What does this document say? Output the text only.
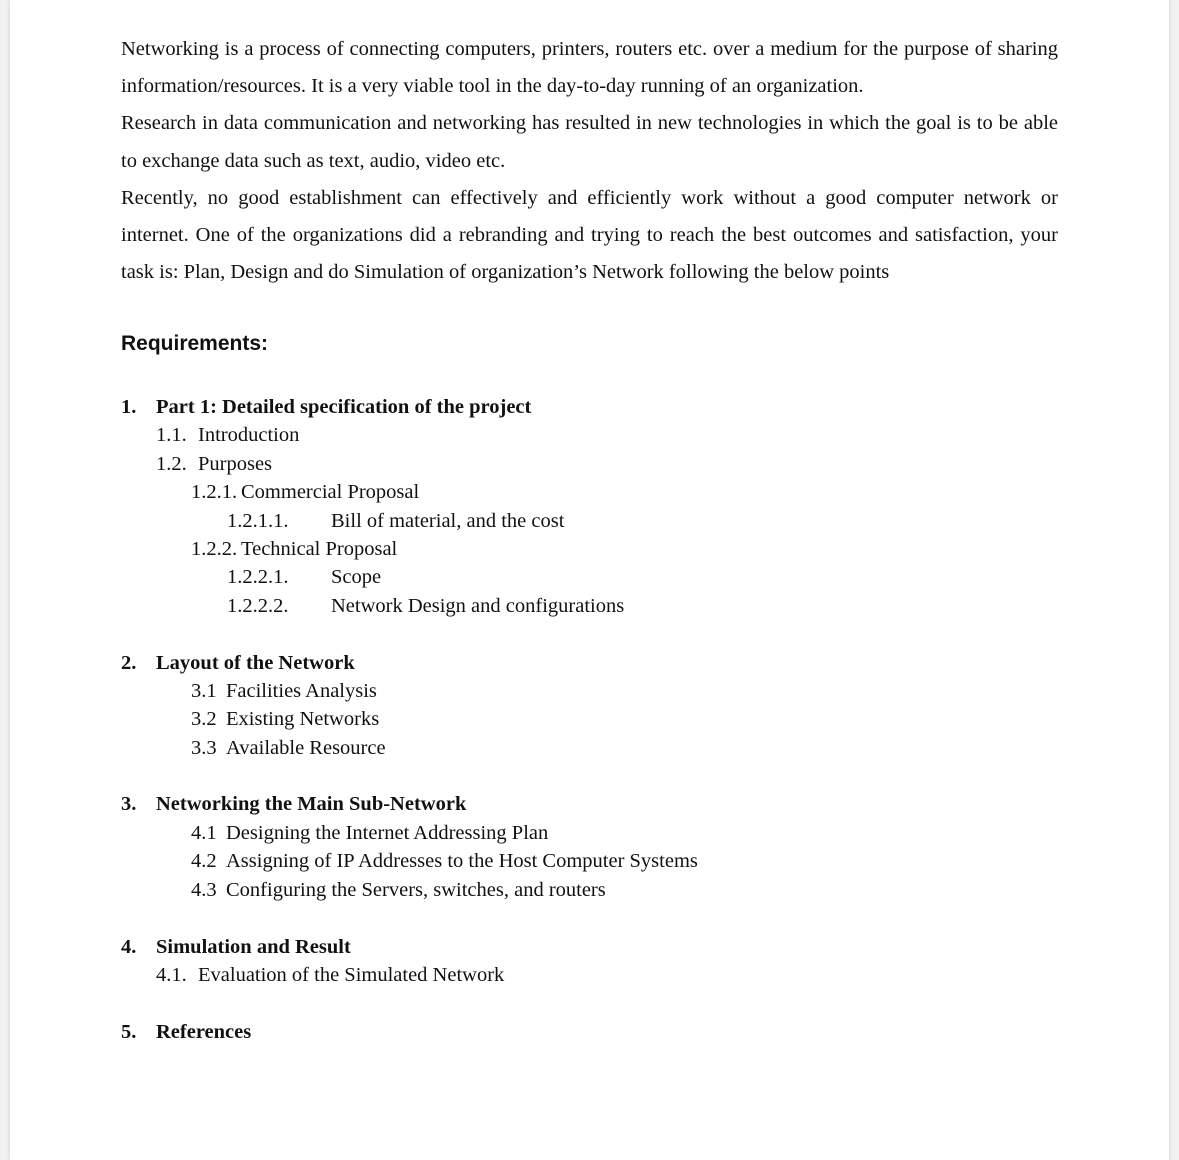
Networking is a process of connecting computers, printers, routers etc. over a medium for the purpose of sharing information/resources. It is a very viable tool in the day-to-day running of an organization.

Research in data communication and networking has resulted in new technologies in which the goal is to be able to exchange data such as text, audio, video etc.

Recently, no good establishment can effectively and efficiently work without a good computer network or internet. One of the organizations did a rebranding and trying to reach the best outcomes and satisfaction, your task is: Plan, Design and do Simulation of organization’s Network following the below points

Requirements:
1. Part 1: Detailed specification of the project
1.1. Introduction
1.2. Purposes
1.2.1. Commercial Proposal
1.2.1.1. Bill of material, and the cost
1.2.2. Technical Proposal
1.2.2.1. Scope
1.2.2.2. Network Design and configurations
2. Layout of the Network
3.1 Facilities Analysis
3.2 Existing Networks
3.3 Available Resource
3. Networking the Main Sub-Network
4.1 Designing the Internet Addressing Plan
4.2 Assigning of IP Addresses to the Host Computer Systems
4.3 Configuring the Servers, switches, and routers
4. Simulation and Result
4.1. Evaluation of the Simulated Network
5. References
